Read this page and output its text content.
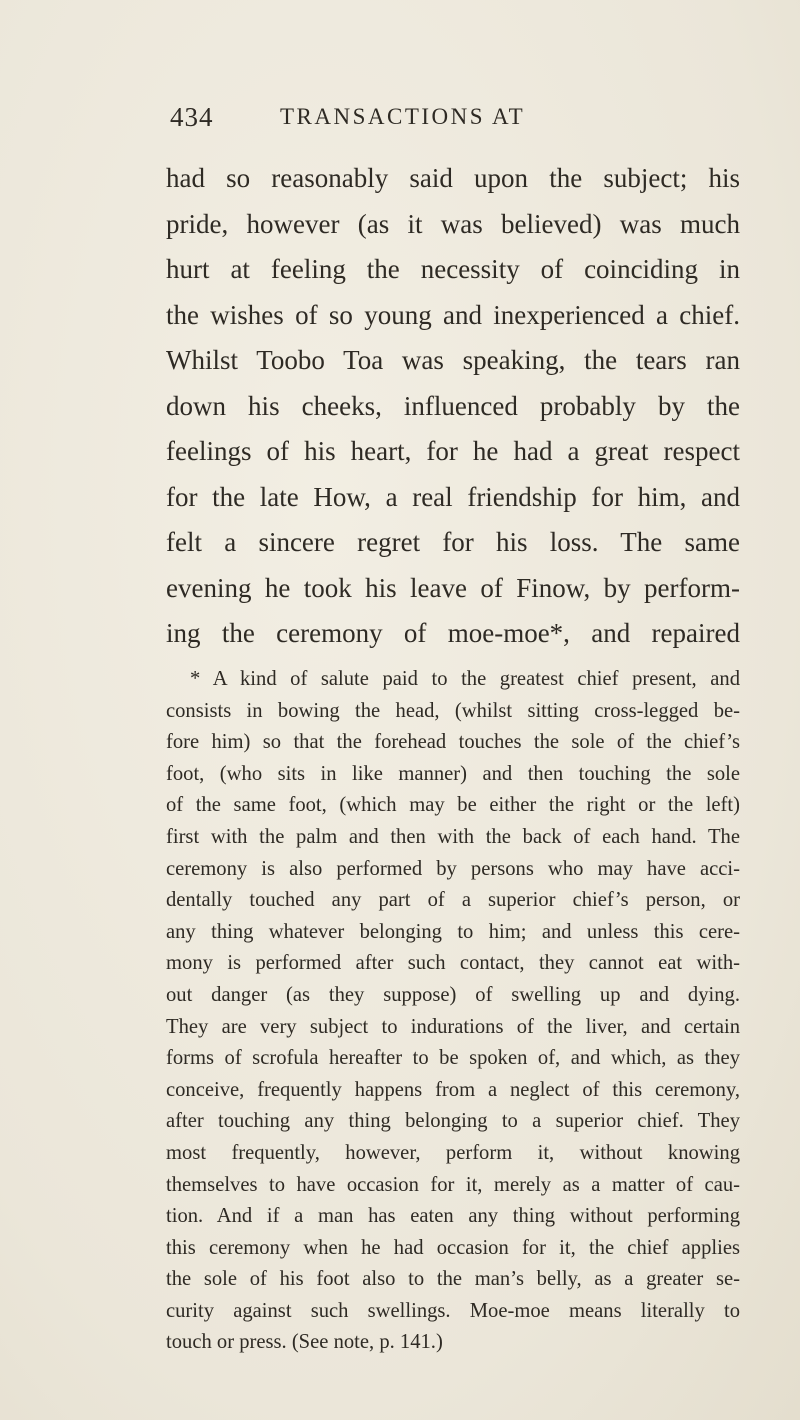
434	TRANSACTIONS AT
had so reasonably said upon the subject; his
pride, however (as it was believed) was much
hurt at feeling the necessity of coinciding in
the wishes of so young and inexperienced a chief.
Whilst Toobo Toa was speaking, the tears ran
down his cheeks, influenced probably by the
feelings of his heart, for he had a great respect
for the late How, a real friendship for him, and
felt a sincere regret for his loss. The same
evening he took his leave of Finow, by perform-
ing the ceremony of moe-moe*, and repaired
* A kind of salute paid to the greatest chief present, and
consists in bowing the head, (whilst sitting cross-legged be-
fore him) so that the forehead touches the sole of the chief’s
foot, (who sits in like manner) and then touching the sole
of the same foot, (which may be either the right or the left)
first with the palm and then with the back of each hand. The
ceremony is also performed by persons who may have acci-
dentally touched any part of a superior chief’s person, or
any thing whatever belonging to him; and unless this cere-
mony is performed after such contact, they cannot eat with-
out danger (as they suppose) of swelling up and dying.
They are very subject to indurations of the liver, and certain
forms of scrofula hereafter to be spoken of, and which, as they
conceive, frequently happens from a neglect of this ceremony,
after touching any thing belonging to a superior chief. They
most frequently, however, perform it, without knowing
themselves to have occasion for it, merely as a matter of cau-
tion. And if a man has eaten any thing without performing
this ceremony when he had occasion for it, the chief applies
the sole of his foot also to the man’s belly, as a greater se-
curity against such swellings. Moe-moe means literally to
touch or press. (See note, p. 141.)
